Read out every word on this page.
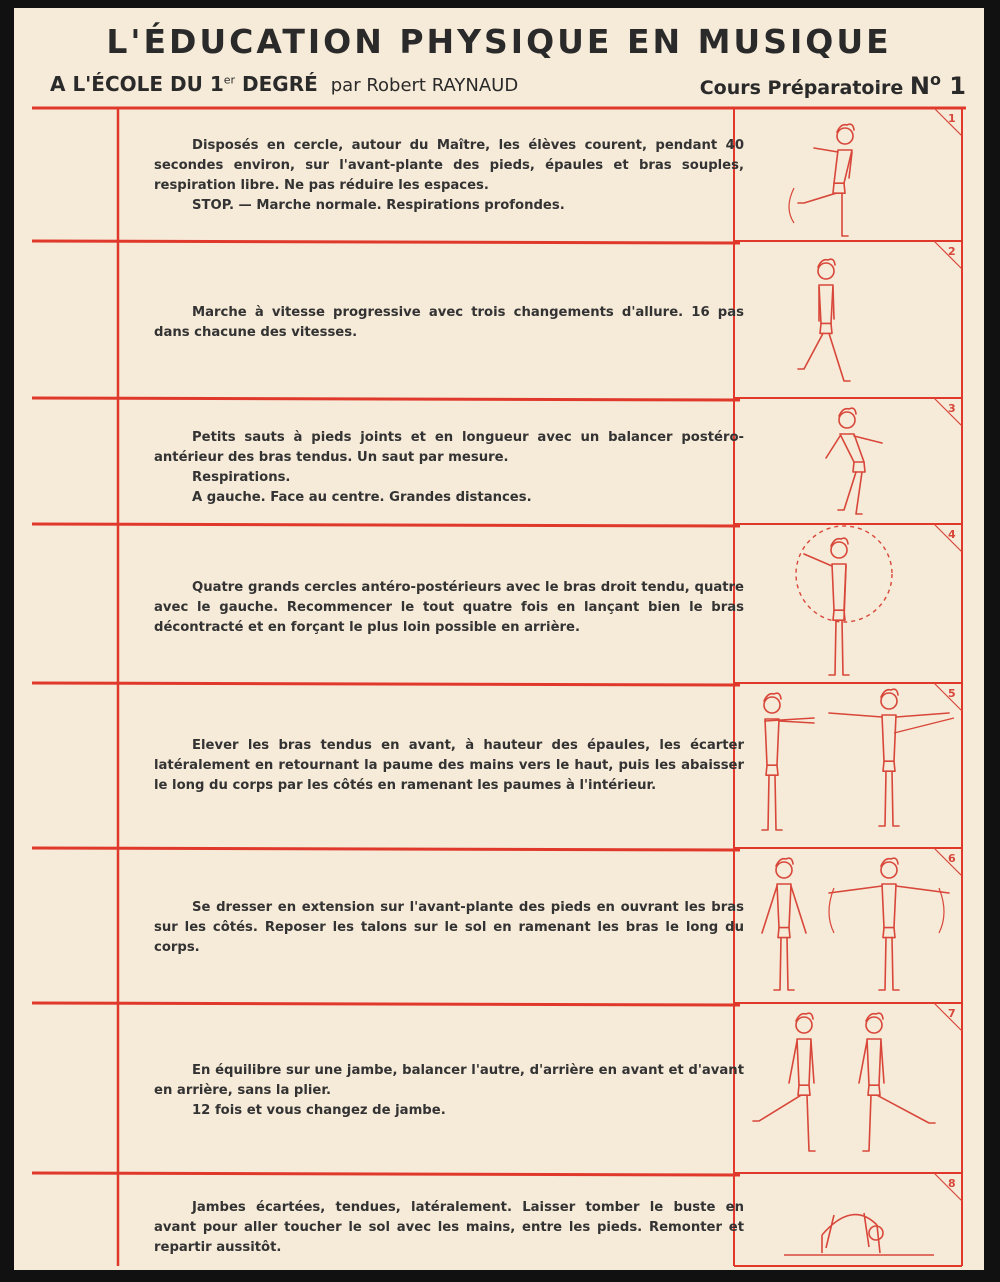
L'ÉDUCATION PHYSIQUE EN MUSIQUE
A L'ÉCOLE DU 1er DEGRÉ par Robert RAYNAUD	Cours Préparatoire $N^o$ 1

Disposés en cercle, autour du Maître, les élèves courent, pendant 40 secondes environ, sur l'avant-plante des pieds, épaules et bras souples, respiration libre. Ne pas réduire les espaces.

STOP. — Marche normale. Respirations profondes.

1

Marche à vitesse progressive avec trois changements d'allure. 16 pas dans chacune des vitesses.

2

Petits sauts à pieds joints et en longueur avec un balancer postéro-antérieur des bras tendus. Un saut par mesure.

Respirations.

A gauche. Face au centre. Grandes distances.

3

Quatre grands cercles antéro-postérieurs avec le bras droit tendu, quatre avec le gauche. Recommencer le tout quatre fois en lançant bien le bras décontracté et en forçant le plus loin possible en arrière.

4

Elever les bras tendus en avant, à hauteur des épaules, les écarter latéralement en retournant la paume des mains vers le haut, puis les abaisser le long du corps par les côtés en ramenant les paumes à l'intérieur.

5

Se dresser en extension sur l'avant-plante des pieds en ouvrant les bras sur les côtés. Reposer les talons sur le sol en ramenant les bras le long du corps.

6

En équilibre sur une jambe, balancer l'autre, d'arrière en avant et d'avant en arrière, sans la plier.

12 fois et vous changez de jambe.

7

Jambes écartées, tendues, latéralement. Laisser tomber le buste en avant pour aller toucher le sol avec les mains, entre les pieds. Remonter et repartir aussitôt.

8
